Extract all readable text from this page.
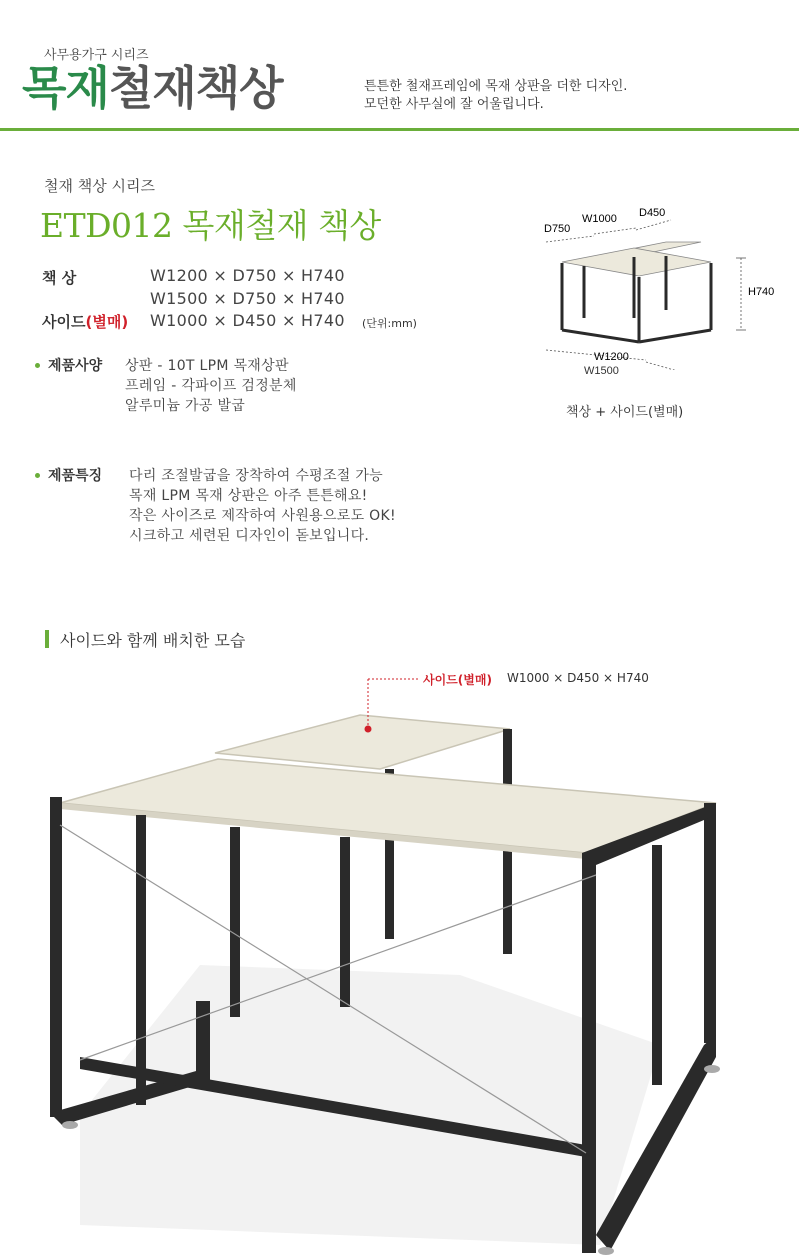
사무용가구 시리즈
목재철재책상	튼튼한 철재프레임에 목재 상판을 더한 디자인.
모던한 사무실에 잘 어울립니다.
철재 책상 시리즈
ETD012 목재철재 책상
책 상	W1200 × D750 × H740
W1500 × D750 × H740
사이드(별매) W1000 × D450 × H740 (단위:mm)
제품사양 상판 - 10T LPM 목재상판
프레임 - 각파이프 검정분체
알루미늄 가공 발굽
제품특징 다리 조절발굽을 장착하여 수평조절 가능
목재 LPM 목재 상판은 아주 튼튼해요!
작은 사이즈로 제작하여 사원용으로도 OK!
시크하고 세련된 디자인이 돋보입니다.
D750
W1000 D450
H740
W1200
W1500
책상 + 사이드(별매)
사이드와 함께 배치한 모습
사이드(별매) W1000 × D450 × H740
